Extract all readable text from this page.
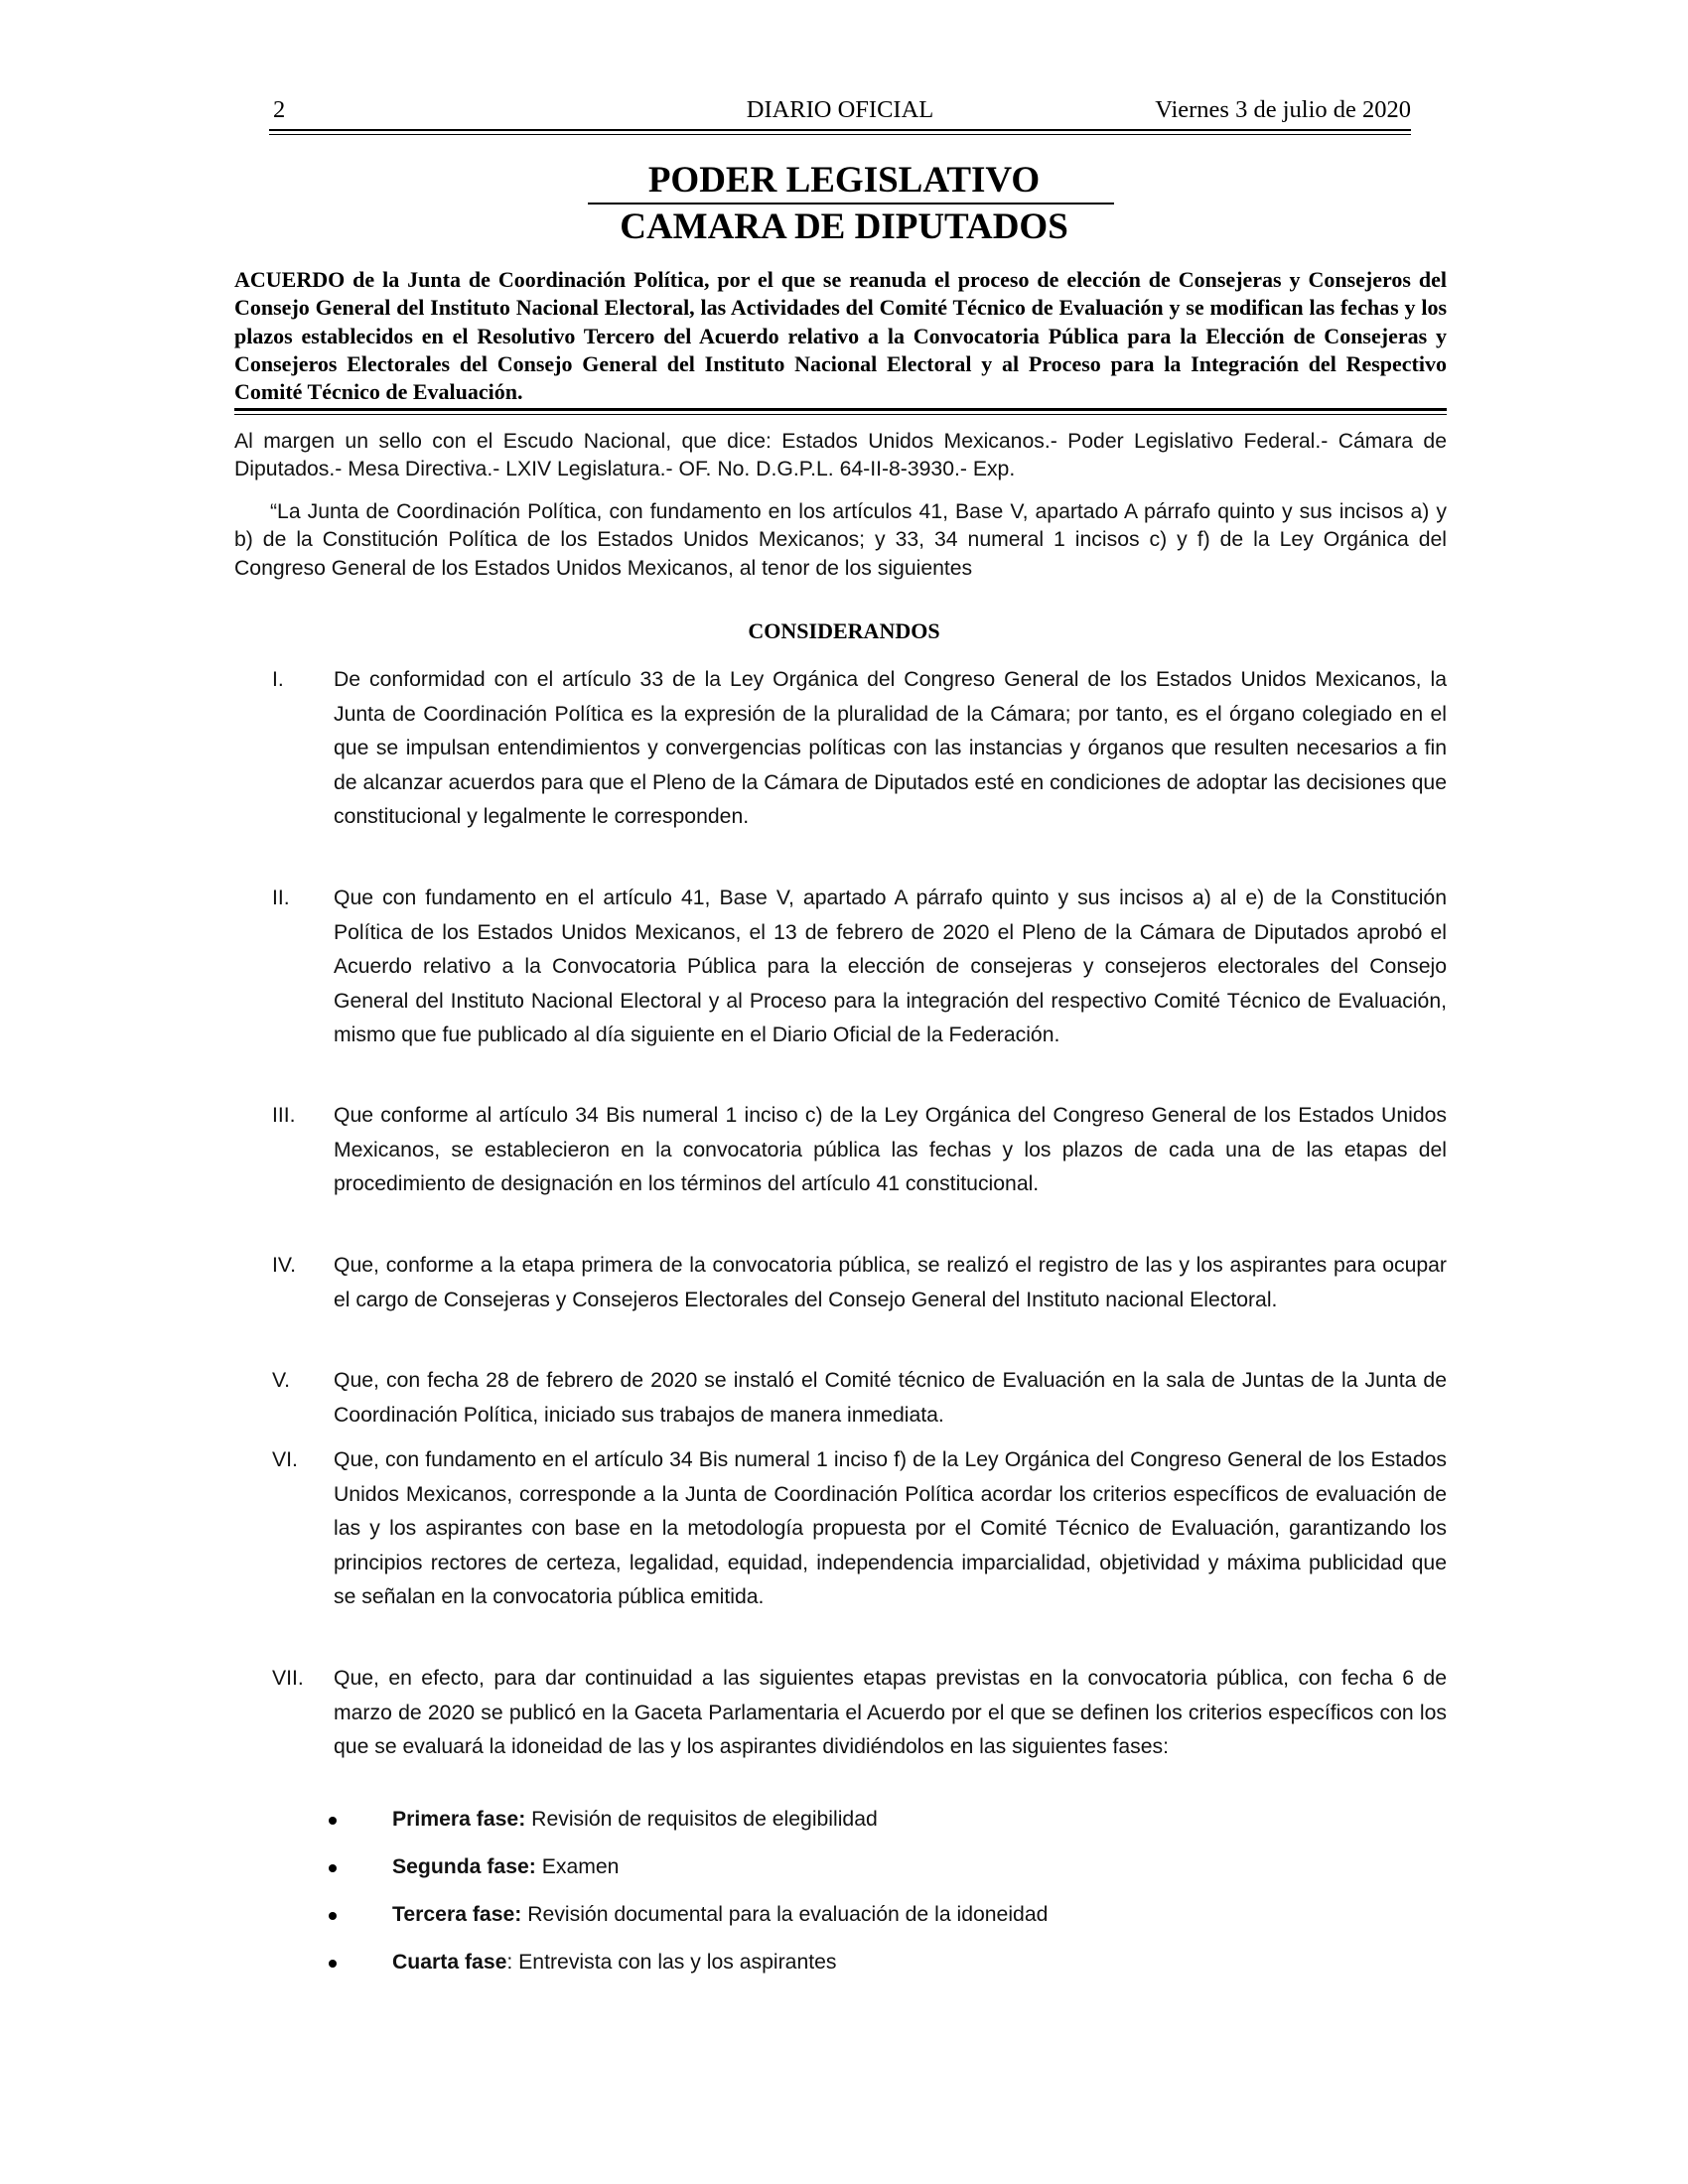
2	DIARIO OFICIAL	Viernes 3 de julio de 2020
PODER LEGISLATIVO
CAMARA DE DIPUTADOS
ACUERDO de la Junta de Coordinación Política, por el que se reanuda el proceso de elección de Consejeras y Consejeros del Consejo General del Instituto Nacional Electoral, las Actividades del Comité Técnico de Evaluación y se modifican las fechas y los plazos establecidos en el Resolutivo Tercero del Acuerdo relativo a la Convocatoria Pública para la Elección de Consejeras y Consejeros Electorales del Consejo General del Instituto Nacional Electoral y al Proceso para la Integración del Respectivo Comité Técnico de Evaluación.
Al margen un sello con el Escudo Nacional, que dice: Estados Unidos Mexicanos.- Poder Legislativo Federal.- Cámara de Diputados.- Mesa Directiva.- LXIV Legislatura.- OF. No. D.G.P.L. 64-II-8-3930.- Exp.
“La Junta de Coordinación Política, con fundamento en los artículos 41, Base V, apartado A párrafo quinto y sus incisos a) y b) de la Constitución Política de los Estados Unidos Mexicanos; y 33, 34 numeral 1 incisos c) y f) de la Ley Orgánica del Congreso General de los Estados Unidos Mexicanos, al tenor de los siguientes
CONSIDERANDOS
I.	De conformidad con el artículo 33 de la Ley Orgánica del Congreso General de los Estados Unidos Mexicanos, la Junta de Coordinación Política es la expresión de la pluralidad de la Cámara; por tanto, es el órgano colegiado en el que se impulsan entendimientos y convergencias políticas con las instancias y órganos que resulten necesarios a fin de alcanzar acuerdos para que el Pleno de la Cámara de Diputados esté en condiciones de adoptar las decisiones que constitucional y legalmente le corresponden.
II.	Que con fundamento en el artículo 41, Base V, apartado A párrafo quinto y sus incisos a) al e) de la Constitución Política de los Estados Unidos Mexicanos, el 13 de febrero de 2020 el Pleno de la Cámara de Diputados aprobó el Acuerdo relativo a la Convocatoria Pública para la elección de consejeras y consejeros electorales del Consejo General del Instituto Nacional Electoral y al Proceso para la integración del respectivo Comité Técnico de Evaluación, mismo que fue publicado al día siguiente en el Diario Oficial de la Federación.
III.	Que conforme al artículo 34 Bis numeral 1 inciso c) de la Ley Orgánica del Congreso General de los Estados Unidos Mexicanos, se establecieron en la convocatoria pública las fechas y los plazos de cada una de las etapas del procedimiento de designación en los términos del artículo 41 constitucional.
IV.	Que, conforme a la etapa primera de la convocatoria pública, se realizó el registro de las y los aspirantes para ocupar el cargo de Consejeras y Consejeros Electorales del Consejo General del Instituto nacional Electoral.
V.	Que, con fecha 28 de febrero de 2020 se instaló el Comité técnico de Evaluación en la sala de Juntas de la Junta de Coordinación Política, iniciado sus trabajos de manera inmediata.
VI.	Que, con fundamento en el artículo 34 Bis numeral 1 inciso f) de la Ley Orgánica del Congreso General de los Estados Unidos Mexicanos, corresponde a la Junta de Coordinación Política acordar los criterios específicos de evaluación de las y los aspirantes con base en la metodología propuesta por el Comité Técnico de Evaluación, garantizando los principios rectores de certeza, legalidad, equidad, independencia imparcialidad, objetividad y máxima publicidad que se señalan en la convocatoria pública emitida.
VII.	Que, en efecto, para dar continuidad a las siguientes etapas previstas en la convocatoria pública, con fecha 6 de marzo de 2020 se publicó en la Gaceta Parlamentaria el Acuerdo por el que se definen los criterios específicos con los que se evaluará la idoneidad de las y los aspirantes dividiéndolos en las siguientes fases:
Primera fase: Revisión de requisitos de elegibilidad
Segunda fase: Examen
Tercera fase: Revisión documental para la evaluación de la idoneidad
Cuarta fase: Entrevista con las y los aspirantes
